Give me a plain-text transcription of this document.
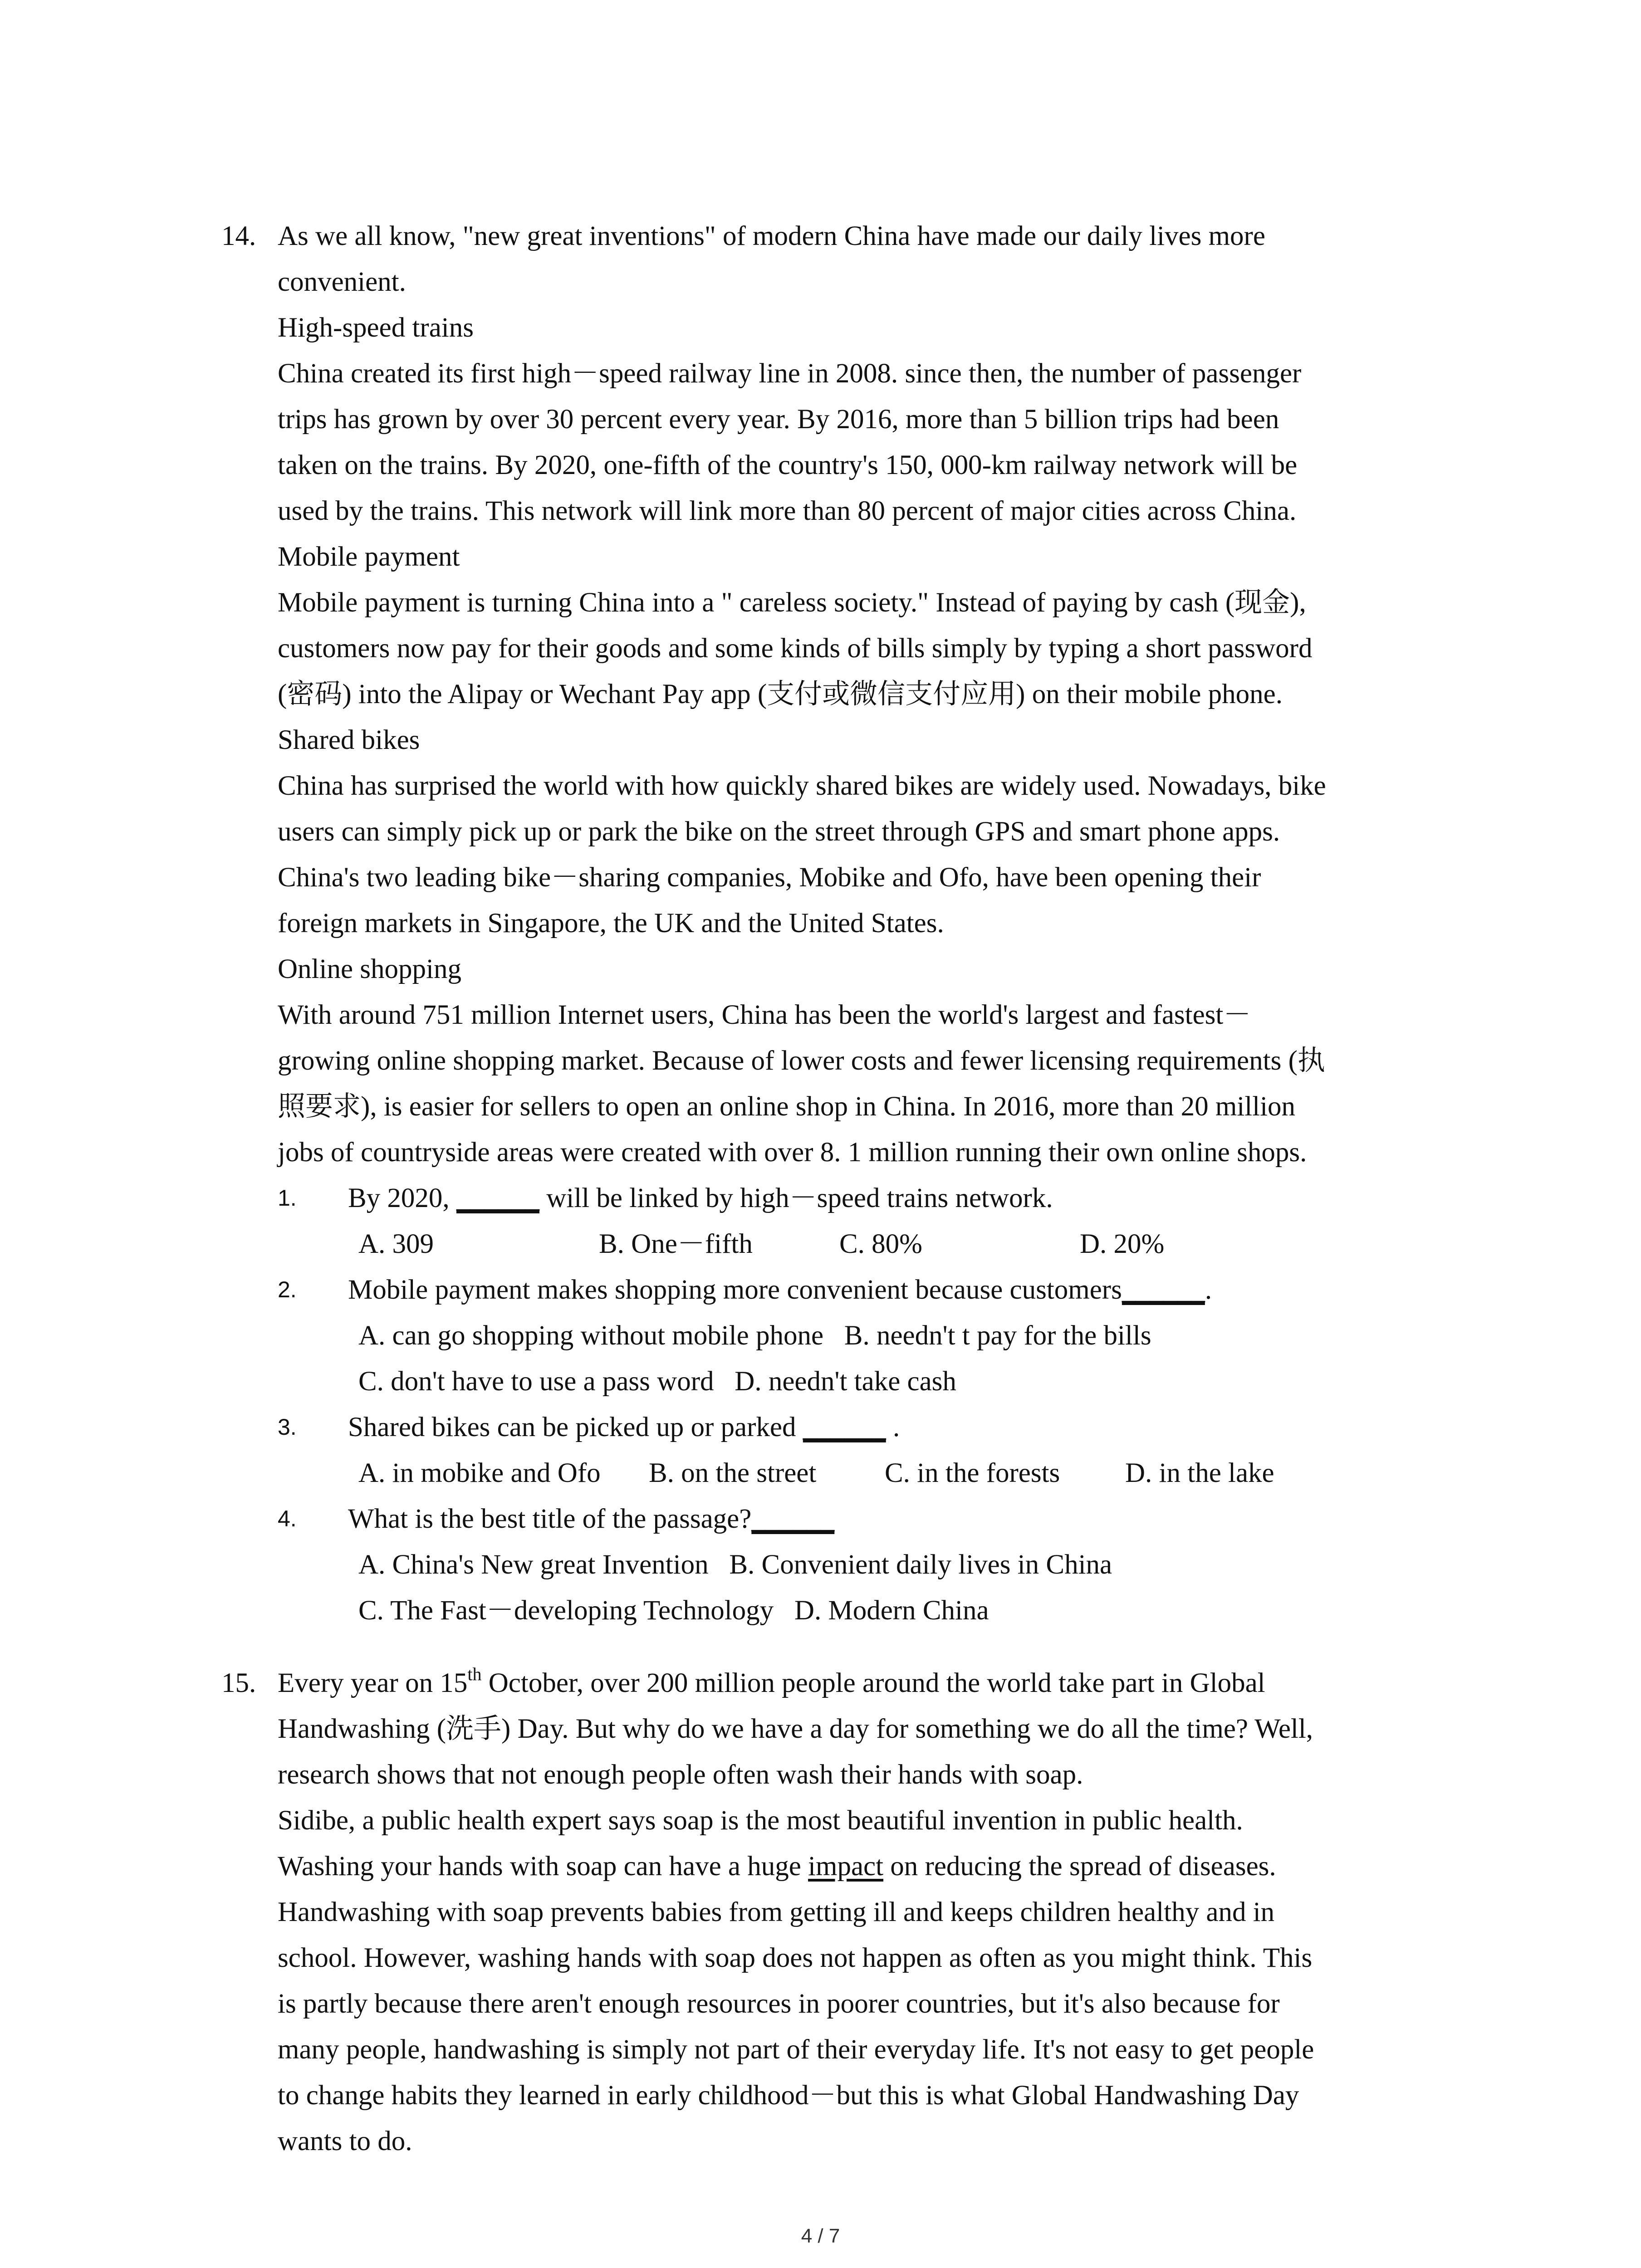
14. As we all know, "new great inventions" of modern China have made our daily lives more
convenient.
High-speed trains
China created its first high－speed railway line in 2008. since then, the number of passenger
trips has grown by over 30 percent every year. By 2016, more than 5 billion trips had been
taken on the trains. By 2020, one-fifth of the country's 150, 000-km railway network will be
used by the trains. This network will link more than 80 percent of major cities across China.
Mobile payment
Mobile payment is turning China into a " careless society." Instead of paying by cash (现金),
customers now pay for their goods and some kinds of bills simply by typing a short password
(密码) into the Alipay or Wechant Pay app (支付或微信支付应用) on their mobile phone.
Shared bikes
China has surprised the world with how quickly shared bikes are widely used. Nowadays, bike
users can simply pick up or park the bike on the street through GPS and smart phone apps.
China's two leading bike－sharing companies, Mobike and Ofo, have been opening their
foreign markets in Singapore, the UK and the United States.
Online shopping
With around 751 million Internet users, China has been the world's largest and fastest－
growing online shopping market. Because of lower costs and fewer licensing requirements (执
照要求), is easier for sellers to open an online shop in China. In 2016, more than 20 million
jobs of countryside areas were created with over 8. 1 million running their own online shops.
1. By 2020, ______ will be linked by high－speed trains network.
A. 309	B. One－fifth	C. 80%	D. 20%
2. Mobile payment makes shopping more convenient because customers______.
A. can go shopping without mobile phone B. needn't t pay for the bills
C. don't have to use a pass word D. needn't take cash
3. Shared bikes can be picked up or parked ______ .
A. in mobike and Ofo B. on the street C. in the forests D. in the lake
4. What is the best title of the passage?______
A. China's New great Invention B. Convenient daily lives in China
C. The Fast－developing Technology D. Modern China
15. Every year on 15th October, over 200 million people around the world take part in Global
Handwashing (洗手) Day. But why do we have a day for something we do all the time? Well,
research shows that not enough people often wash their hands with soap.
Sidibe, a public health expert says soap is the most beautiful invention in public health.
Washing your hands with soap can have a huge impact on reducing the spread of diseases.
Handwashing with soap prevents babies from getting ill and keeps children healthy and in
school. However, washing hands with soap does not happen as often as you might think. This
is partly because there aren't enough resources in poorer countries, but it's also because for
many people, handwashing is simply not part of their everyday life. It's not easy to get people
to change habits they learned in early childhood－but this is what Global Handwashing Day
wants to do.
4 / 7
